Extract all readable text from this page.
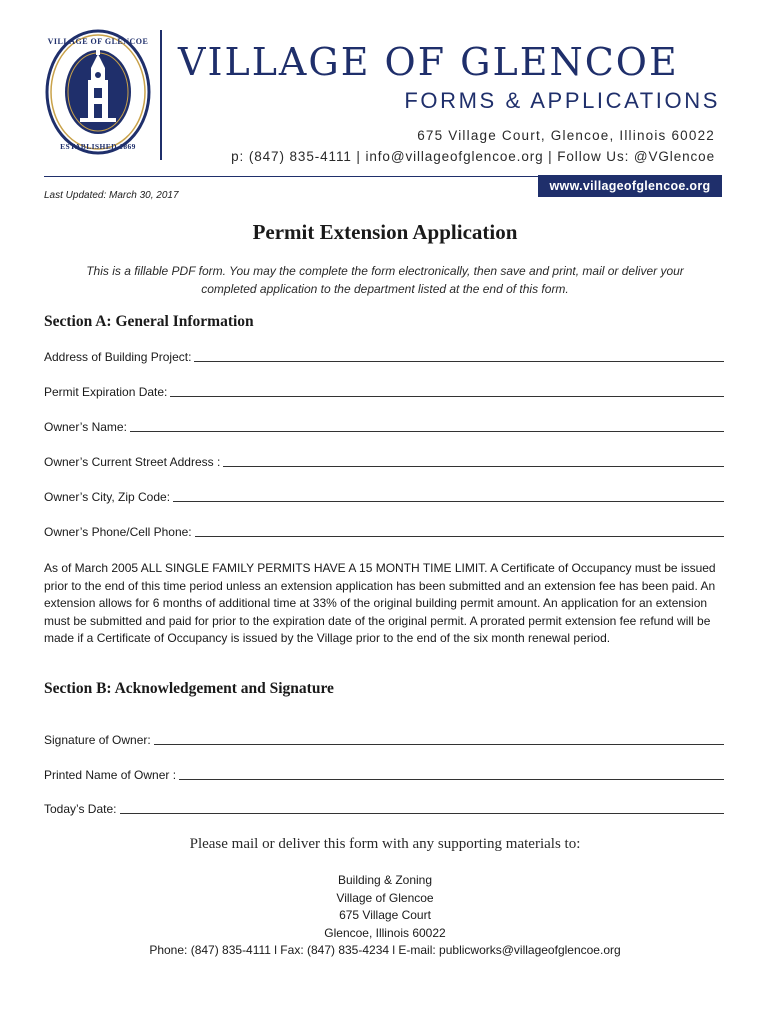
VILLAGE OF GLENCOE
ESTABLISHED 1869
VILLAGE OF GLENCOE
FORMS & APPLICATIONS
675 Village Court, Glencoe, Illinois 60022
p: (847) 835-4111 | info@villageofglencoe.org | Follow Us: @VGlencoe
www.villageofglencoe.org
Last Updated: March 30, 2017
Permit Extension Application
This is a fillable PDF form. You may the complete the form electronically, then save and print, mail or deliver your completed application to the department listed at the end of this form.
Section A: General Information
Address of Building Project:
Permit Expiration Date:
Owner’s Name:
Owner’s Current Street Address :
Owner’s City, Zip Code:
Owner’s Phone/Cell Phone:
As of March 2005 ALL SINGLE FAMILY PERMITS HAVE A 15 MONTH TIME LIMIT. A Certificate of Occupancy must be issued prior to the end of this time period unless an extension application has been submitted and an extension fee has been paid. An extension allows for 6 months of additional time at 33% of the original building permit amount. An application for an extension must be submitted and paid for prior to the expiration date of the original permit. A prorated permit extension fee refund will be made if a Certificate of Occupancy is issued by the Village prior to the end of the six month renewal period.
Section B: Acknowledgement and Signature
Signature of Owner:
Printed Name of Owner :
Today’s Date:
Please mail or deliver this form with any supporting materials to:
Building & Zoning
Village of Glencoe
675 Village Court
Glencoe, Illinois 60022
Phone: (847) 835-4111 l Fax: (847) 835-4234 l E-mail: publicworks@villageofglencoe.org
